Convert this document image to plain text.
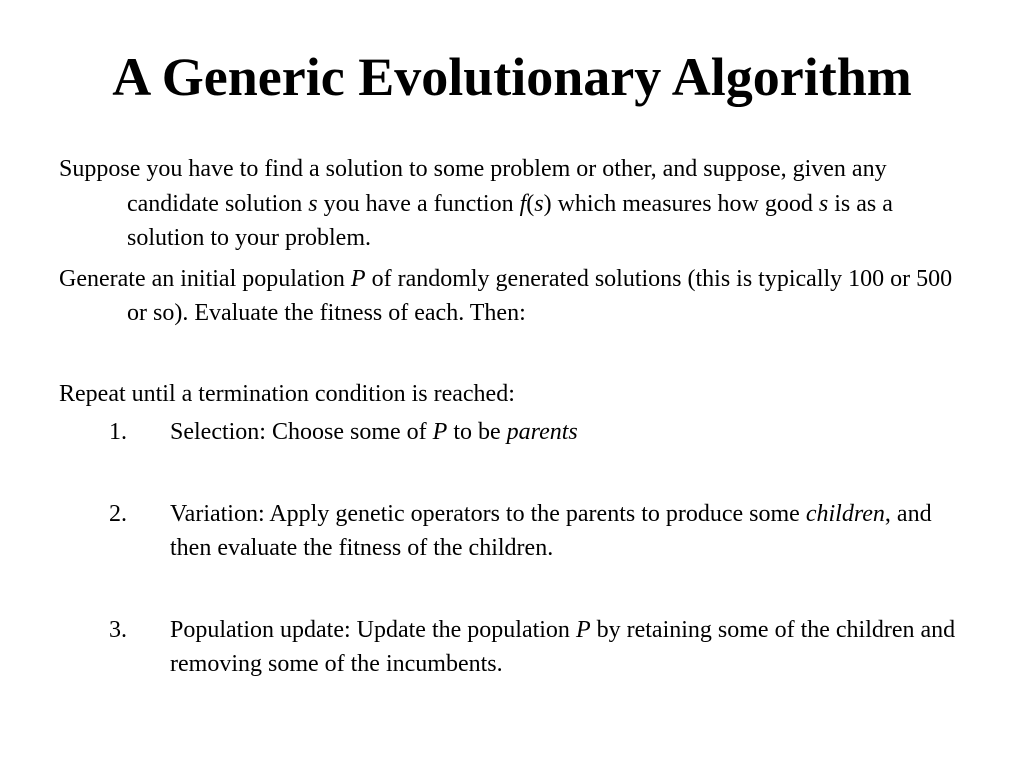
A Generic Evolutionary Algorithm

Suppose you have to find a solution to some problem or other, and suppose, given any candidate solution s you have a function f(s) which measures how good s is as a solution to your problem.

Generate an initial population P of randomly generated solutions (this is typically 100 or 500 or so). Evaluate the fitness of each. Then:

Repeat until a termination condition is reached:

1. Selection: Choose some of P to be parents
2. Variation: Apply genetic operators to the parents to produce some children, and then evaluate the fitness of the children.
3. Population update: Update the population P by retaining some of the children and removing some of the incumbents.
